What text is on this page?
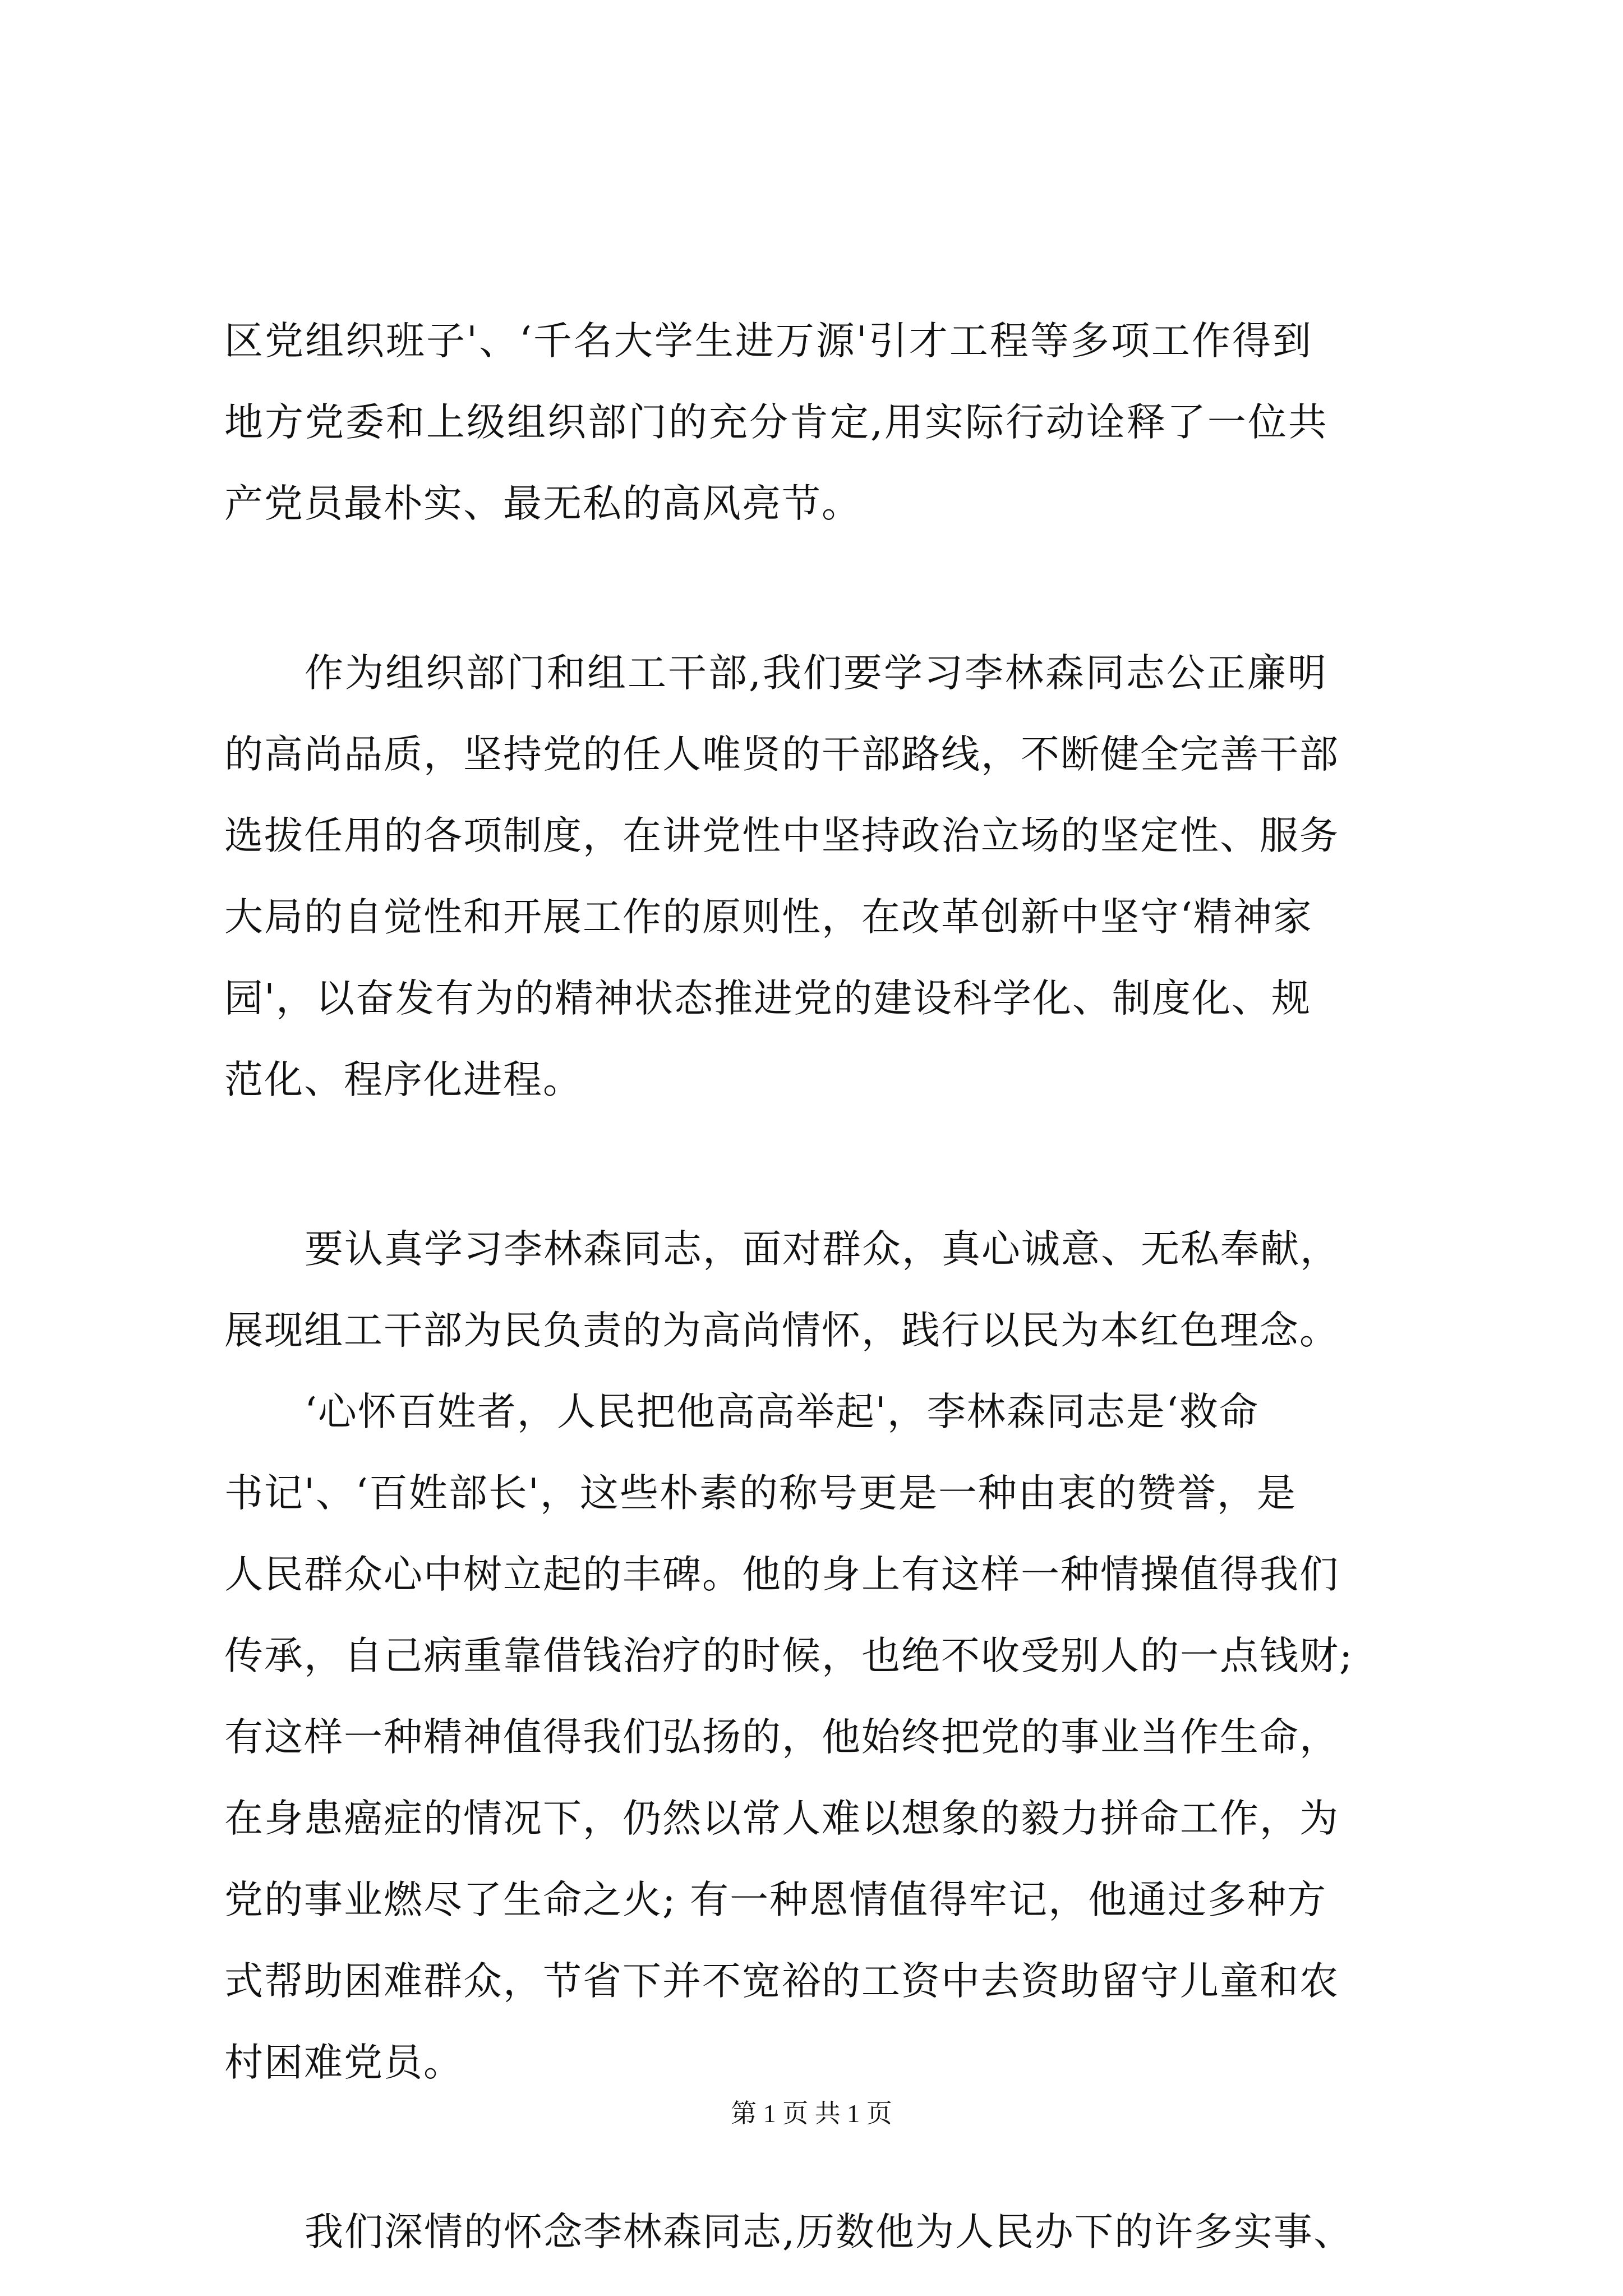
区党组织班子'、‘千名大学生进万源'引才工程等多项工作得到
地方党委和上级组织部门的充分肯定,用实际行动诠释了一位共
产党员最朴实、最无私的高风亮节。
作为组织部门和组工干部,我们要学习李林森同志公正廉明
的高尚品质，坚持党的任人唯贤的干部路线，不断健全完善干部
选拔任用的各项制度，在讲党性中坚持政治立场的坚定性、服务
大局的自觉性和开展工作的原则性，在改革创新中坚守‘精神家
园'，以奋发有为的精神状态推进党的建设科学化、制度化、规
范化、程序化进程。
要认真学习李林森同志，面对群众，真心诚意、无私奉献，
展现组工干部为民负责的为高尚情怀，践行以民为本红色理念。
‘心怀百姓者，人民把他高高举起'，李林森同志是‘救命
书记'、‘百姓部长'，这些朴素的称号更是一种由衷的赞誉，是
人民群众心中树立起的丰碑。他的身上有这样一种情操值得我们
传承，自己病重靠借钱治疗的时候，也绝不收受别人的一点钱财;
有这样一种精神值得我们弘扬的，他始终把党的事业当作生命，
在身患癌症的情况下，仍然以常人难以想象的毅力拼命工作，为
党的事业燃尽了生命之火; 有一种恩情值得牢记，他通过多种方
式帮助困难群众，节省下并不宽裕的工资中去资助留守儿童和农
村困难党员。
我们深情的怀念李林森同志,历数他为人民办下的许多实事、
第 1 页 共 1 页
